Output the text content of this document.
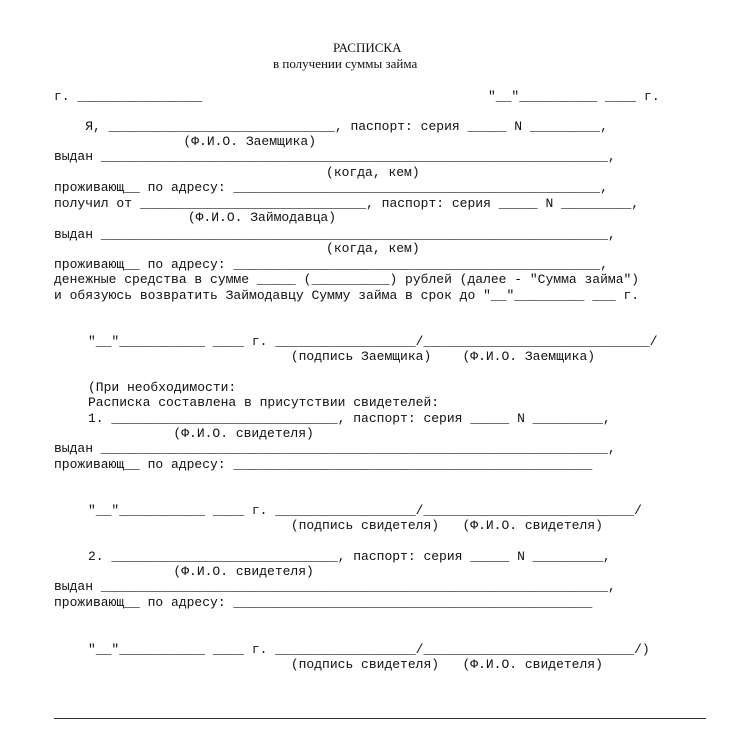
РАСПИСКА
в получении суммы займа
г. ________________	"__"__________ ____ г.
Я, _____________________________, паспорт: серия _____ N _________,
(Ф.И.О. Заемщика)
выдан _________________________________________________________________,
(когда, кем)
проживающ__ по адресу: _______________________________________________,
получил от _____________________________, паспорт: серия _____ N _________,
(Ф.И.О. Займодавца)
выдан _________________________________________________________________,
(когда, кем)
проживающ__ по адресу: _______________________________________________,
денежные средства в сумме _____ (__________) рублей (далее - "Сумма займа")
и обязуюсь возвратить Займодавцу Сумму займа в срок до "__"_________ ___ г.
"__"___________ ____ г. __________________/_____________________________/
(подпись Заемщика)    (Ф.И.О. Заемщика)
(При необходимости:
Расписка составлена в присутствии свидетелей:
1. _____________________________, паспорт: серия _____ N _________,
(Ф.И.О. свидетеля)
выдан _________________________________________________________________,
проживающ__ по адресу: ______________________________________________
"__"___________ ____ г. __________________/___________________________/
(подпись свидетеля)   (Ф.И.О. свидетеля)
2. _____________________________, паспорт: серия _____ N _________,
(Ф.И.О. свидетеля)
выдан _________________________________________________________________,
проживающ__ по адресу: ______________________________________________
"__"___________ ____ г. __________________/___________________________/)
(подпись свидетеля)   (Ф.И.О. свидетеля)
